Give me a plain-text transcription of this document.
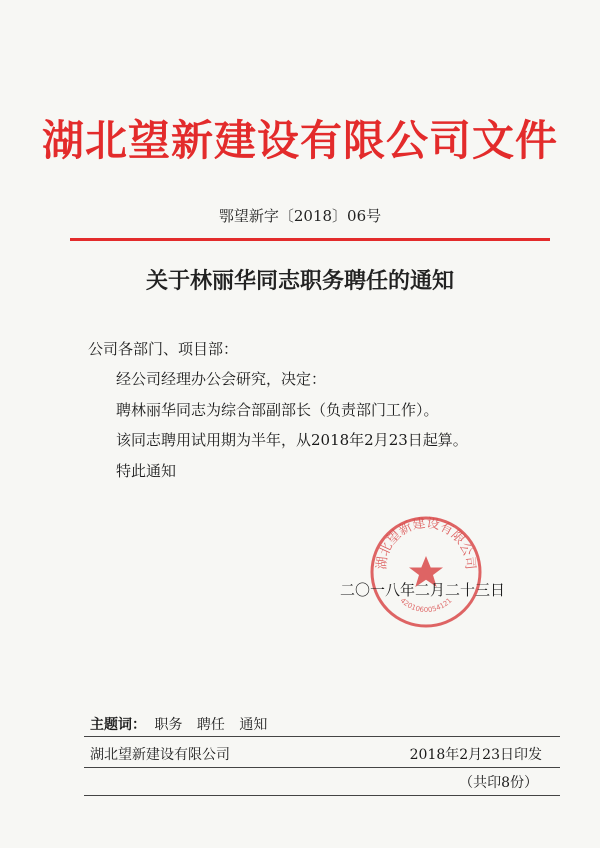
湖北望新建设有限公司文件
鄂望新字〔2018〕06号
关于林丽华同志职务聘任的通知
公司各部门、项目部：
经公司经理办公会研究，决定：
聘林丽华同志为综合部副部长（负责部门工作）。
该同志聘用试用期为半年，从2018年2月23日起算。
特此通知
湖北望新建设有限公司
4201060054121
二〇一八年二月二十三日
主题词： 职务 聘任 通知
湖北望新建设有限公司	2018年2月23日印发
（共印8份）
